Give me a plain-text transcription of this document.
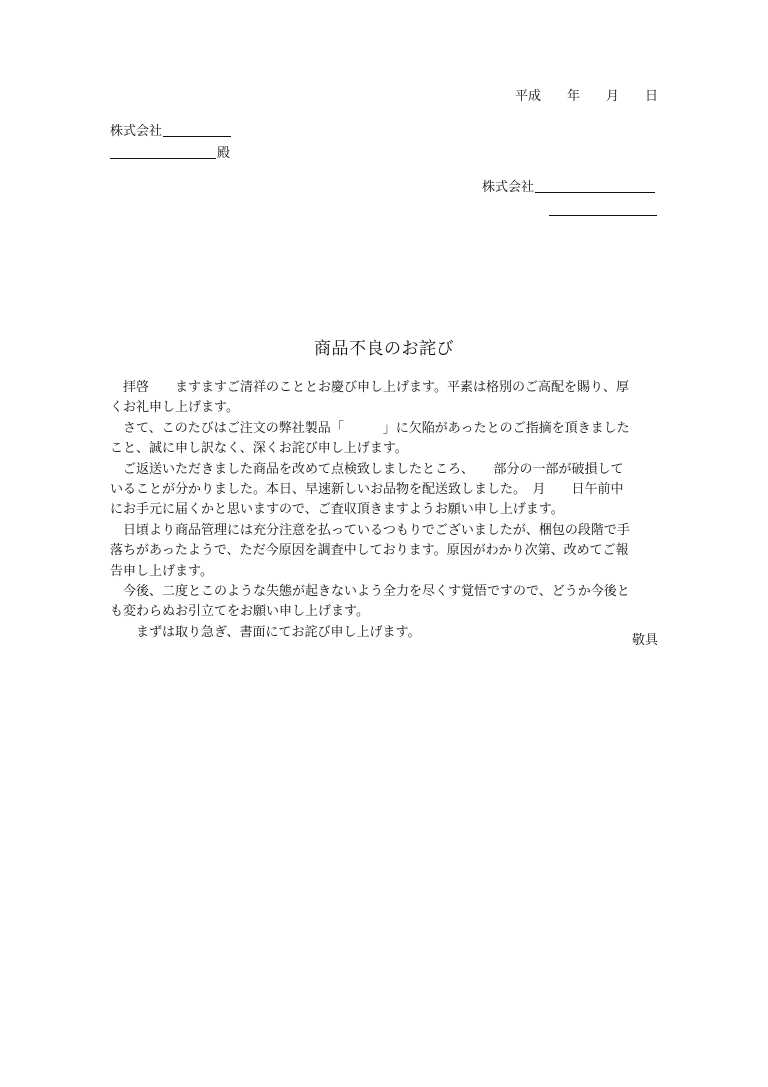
平成　　年　　月　　日
株式会社
殿
株式会社
商品不良のお詫び
　拝啓　　ますますご清祥のこととお慶び申し上げます。平素は格別のご高配を賜り、厚
くお礼申し上げます。
　さて、このたびはご注文の弊社製品「　　　」に欠陥があったとのご指摘を頂きました
こと、誠に申し訳なく、深くお詫び申し上げます。
　ご返送いただきました商品を改めて点検致しましたところ、　　部分の一部が破損して
いることが分かりました。本日、早速新しいお品物を配送致しました。　月　　日午前中
にお手元に届くかと思いますので、ご査収頂きますようお願い申し上げます。
　日頃より商品管理には充分注意を払っているつもりでございましたが、梱包の段階で手
落ちがあったようで、ただ今原因を調査中しております。原因がわかり次第、改めてご報
告申し上げます。
　今後、二度とこのような失態が起きないよう全力を尽くす覚悟ですので、どうか今後と
も変わらぬお引立てをお願い申し上げます。
　　まずは取り急ぎ、書面にてお詫び申し上げます。
敬具
